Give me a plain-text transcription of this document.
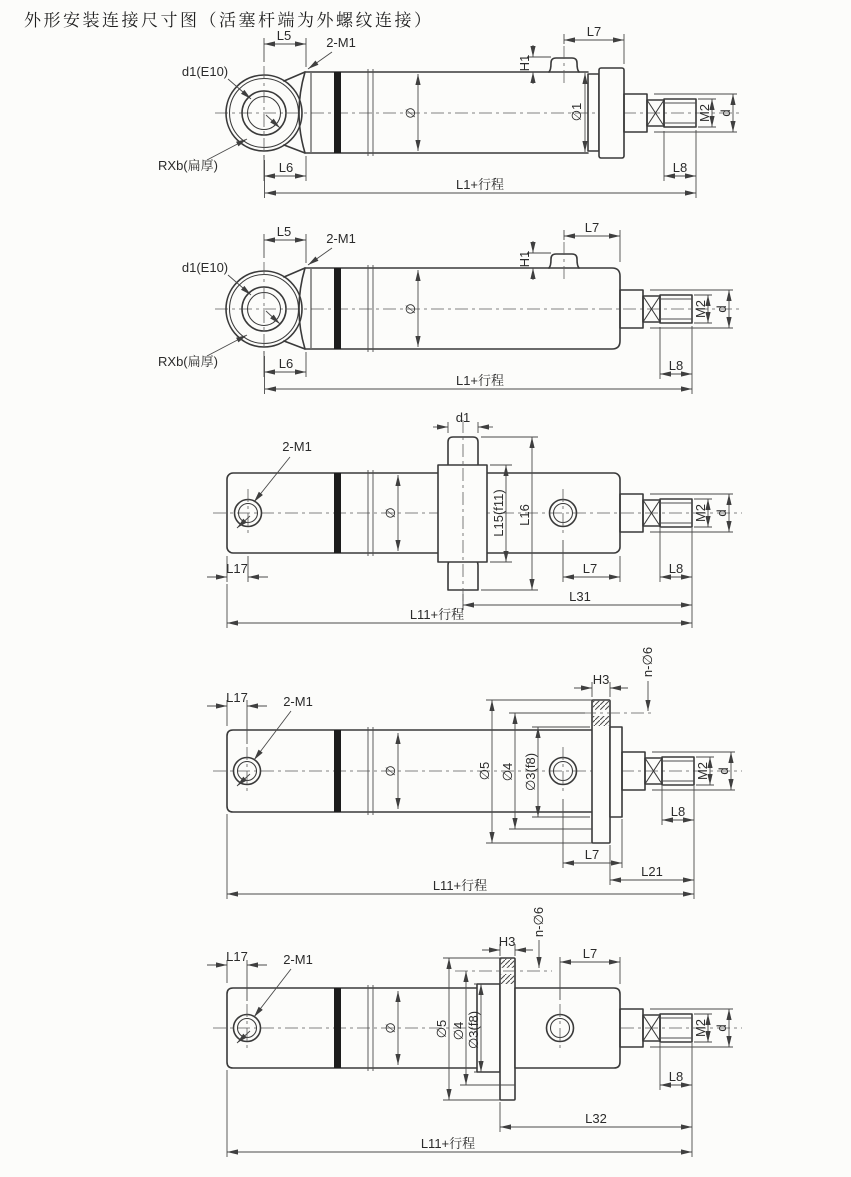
外形安装连接尺寸图（活塞杆端为外螺纹连接）
L5	2-M1
d1(E10)
RXb(扁厚)	L6
L1+行程
L7
H1
∅	∅1	M2 d
L8
L5	2-M1
d1(E10)
RXb(扁厚)	L6
L1+行程
L7
H1
∅	M2 d
L8
2-M1
d1
L17
∅	L15(f11) L16
L7	L8
M2 d
L31
L11+行程
L17	2-M1
∅	∅5 ∅4 ∅3(f8)
H3
n-∅6
M2 d
L8
L7
L21
L11+行程
L17	2-M1
∅	∅5 ∅4 ∅3(f8)
H3
n-∅6
L7
M2 d
L8
L32
L11+行程
